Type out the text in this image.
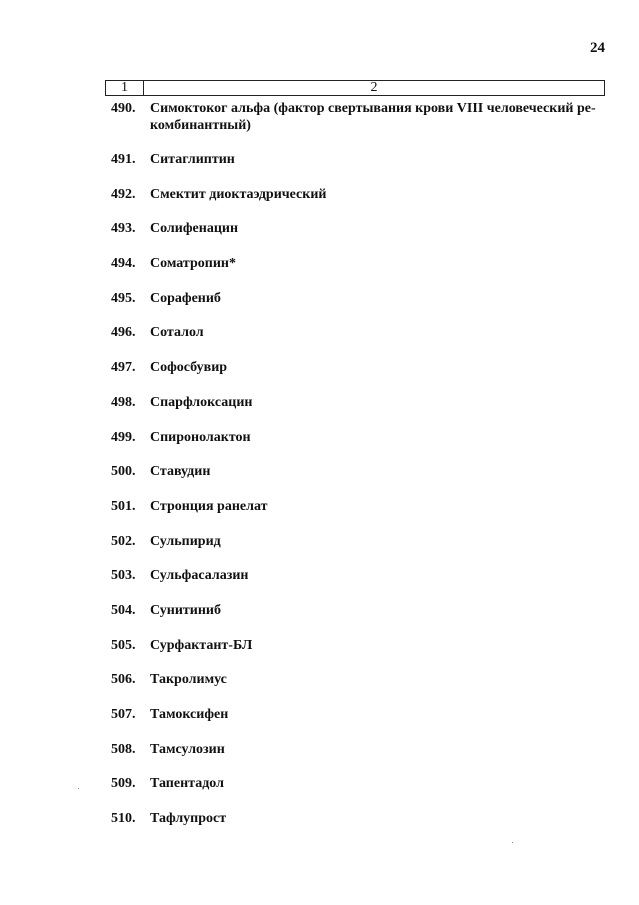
24
1	2
490.	Симоктоког альфа (фактор свертывания крови VIII человеческий ре-комбинантный)
491.	Ситаглиптин
492.	Смектит диоктаэдрический
493.	Солифенацин
494.	Соматропин*
495.	Сорафениб
496.	Соталол
497.	Софосбувир
498.	Спарфлоксацин
499.	Спиронолактон
500.	Ставудин
501.	Стронция ранелат
502.	Сульпирид
503.	Сульфасалазин
504.	Сунитиниб
505.	Сурфактант-БЛ
506.	Такролимус
507.	Тамоксифен
508.	Тамсулозин
509.	Тапентадол
510.	Тафлупрост
